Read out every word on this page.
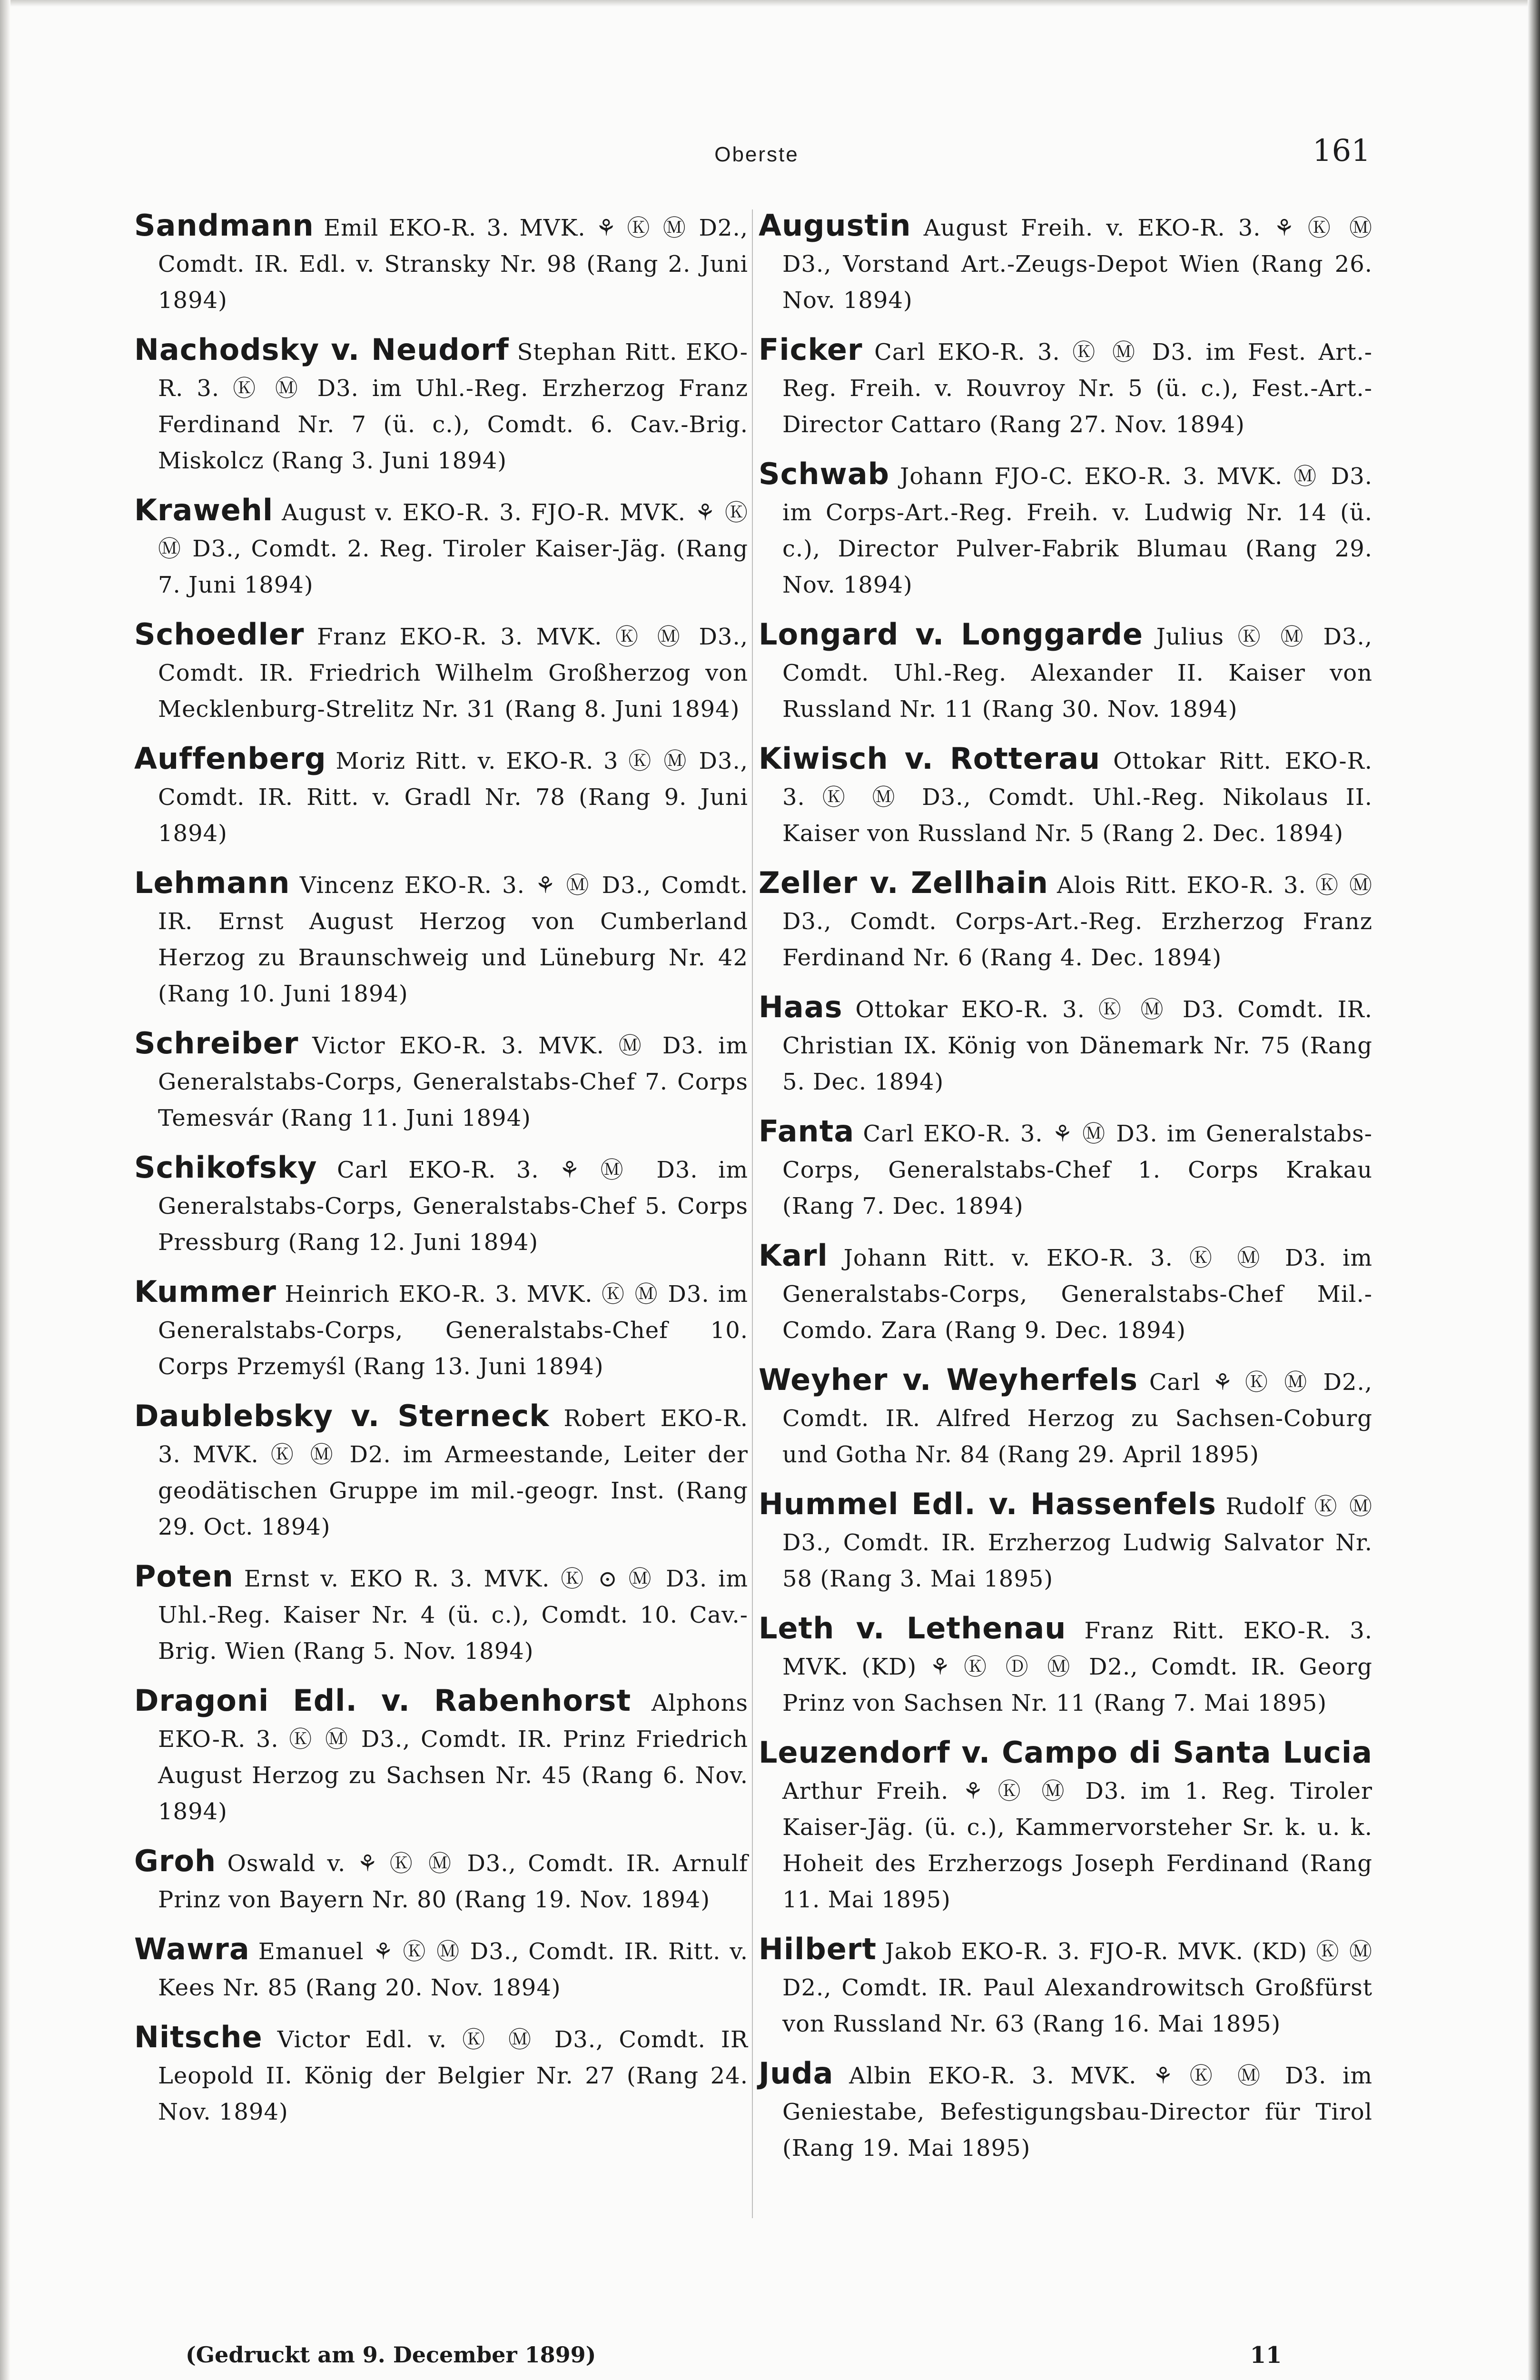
Oberste	161
Sandmann Emil EKO-R. 3. MVK. ⚘ Ⓚ Ⓜ D2., Comdt. IR. Edl. v. Stransky Nr. 98 (Rang 2. Juni 1894)
Nachodsky v. Neudorf Stephan Ritt. EKO-R. 3. Ⓚ Ⓜ D3. im Uhl.-Reg. Erzherzog Franz Ferdinand Nr. 7 (ü. c.), Comdt. 6. Cav.-Brig. Miskolcz (Rang 3. Juni 1894)
Krawehl August v. EKO-R. 3. FJO-R. MVK. ⚘ Ⓚ Ⓜ D3., Comdt. 2. Reg. Tiroler Kaiser-Jäg. (Rang 7. Juni 1894)
Schoedler Franz EKO-R. 3. MVK. Ⓚ Ⓜ D3., Comdt. IR. Friedrich Wilhelm Großherzog von Mecklenburg-Strelitz Nr. 31 (Rang 8. Juni 1894)
Auffenberg Moriz Ritt. v. EKO-R. 3 Ⓚ Ⓜ D3., Comdt. IR. Ritt. v. Gradl Nr. 78 (Rang 9. Juni 1894)
Lehmann Vincenz EKO-R. 3. ⚘ Ⓜ D3., Comdt. IR. Ernst August Herzog von Cumberland Herzog zu Braunschweig und Lüneburg Nr. 42 (Rang 10. Juni 1894)
Schreiber Victor EKO-R. 3. MVK. Ⓜ D3. im Generalstabs-Corps, Generalstabs-Chef 7. Corps Temesvár (Rang 11. Juni 1894)
Schikofsky Carl EKO-R. 3. ⚘ Ⓜ D3. im Generalstabs-Corps, Generalstabs-Chef 5. Corps Pressburg (Rang 12. Juni 1894)
Kummer Heinrich EKO-R. 3. MVK. Ⓚ Ⓜ D3. im Generalstabs-Corps, Generalstabs-Chef 10. Corps Przemyśl (Rang 13. Juni 1894)
Daublebsky v. Sterneck Robert EKO-R. 3. MVK. Ⓚ Ⓜ D2. im Armeestande, Leiter der geodätischen Gruppe im mil.-geogr. Inst. (Rang 29. Oct. 1894)
Poten Ernst v. EKO R. 3. MVK. Ⓚ ⊙ Ⓜ D3. im Uhl.-Reg. Kaiser Nr. 4 (ü. c.), Comdt. 10. Cav.-Brig. Wien (Rang 5. Nov. 1894)
Dragoni Edl. v. Rabenhorst Alphons EKO-R. 3. Ⓚ Ⓜ D3., Comdt. IR. Prinz Friedrich August Herzog zu Sachsen Nr. 45 (Rang 6. Nov. 1894)
Groh Oswald v. ⚘ Ⓚ Ⓜ D3., Comdt. IR. Arnulf Prinz von Bayern Nr. 80 (Rang 19. Nov. 1894)
Wawra Emanuel ⚘ Ⓚ Ⓜ D3., Comdt. IR. Ritt. v. Kees Nr. 85 (Rang 20. Nov. 1894)
Nitsche Victor Edl. v. Ⓚ Ⓜ D3., Comdt. IR Leopold II. König der Belgier Nr. 27 (Rang 24. Nov. 1894)
Augustin August Freih. v. EKO-R. 3. ⚘ Ⓚ Ⓜ D3., Vorstand Art.-Zeugs-Depot Wien (Rang 26. Nov. 1894)
Ficker Carl EKO-R. 3. Ⓚ Ⓜ D3. im Fest. Art.-Reg. Freih. v. Rouvroy Nr. 5 (ü. c.), Fest.-Art.-Director Cattaro (Rang 27. Nov. 1894)
Schwab Johann FJO-C. EKO-R. 3. MVK. Ⓜ D3. im Corps-Art.-Reg. Freih. v. Ludwig Nr. 14 (ü. c.), Director Pulver-Fabrik Blumau (Rang 29. Nov. 1894)
Longard v. Longgarde Julius Ⓚ Ⓜ D3., Comdt. Uhl.-Reg. Alexander II. Kaiser von Russland Nr. 11 (Rang 30. Nov. 1894)
Kiwisch v. Rotterau Ottokar Ritt. EKO-R. 3. Ⓚ Ⓜ D3., Comdt. Uhl.-Reg. Nikolaus II. Kaiser von Russland Nr. 5 (Rang 2. Dec. 1894)
Zeller v. Zellhain Alois Ritt. EKO-R. 3. Ⓚ Ⓜ D3., Comdt. Corps-Art.-Reg. Erzherzog Franz Ferdinand Nr. 6 (Rang 4. Dec. 1894)
Haas Ottokar EKO-R. 3. Ⓚ Ⓜ D3. Comdt. IR. Christian IX. König von Dänemark Nr. 75 (Rang 5. Dec. 1894)
Fanta Carl EKO-R. 3. ⚘ Ⓜ D3. im Generalstabs-Corps, Generalstabs-Chef 1. Corps Krakau (Rang 7. Dec. 1894)
Karl Johann Ritt. v. EKO-R. 3. Ⓚ Ⓜ D3. im Generalstabs-Corps, Generalstabs-Chef Mil.-Comdo. Zara (Rang 9. Dec. 1894)
Weyher v. Weyherfels Carl ⚘ Ⓚ Ⓜ D2., Comdt. IR. Alfred Herzog zu Sachsen-Coburg und Gotha Nr. 84 (Rang 29. April 1895)
Hummel Edl. v. Hassenfels Rudolf Ⓚ Ⓜ D3., Comdt. IR. Erzherzog Ludwig Salvator Nr. 58 (Rang 3. Mai 1895)
Leth v. Lethenau Franz Ritt. EKO-R. 3. MVK. (KD) ⚘ Ⓚ Ⓓ Ⓜ D2., Comdt. IR. Georg Prinz von Sachsen Nr. 11 (Rang 7. Mai 1895)
Leuzendorf v. Campo di Santa Lucia Arthur Freih. ⚘ Ⓚ Ⓜ D3. im 1. Reg. Tiroler Kaiser-Jäg. (ü. c.), Kammervorsteher Sr. k. u. k. Hoheit des Erzherzogs Joseph Ferdinand (Rang 11. Mai 1895)
Hilbert Jakob EKO-R. 3. FJO-R. MVK. (KD) Ⓚ Ⓜ D2., Comdt. IR. Paul Alexandrowitsch Großfürst von Russland Nr. 63 (Rang 16. Mai 1895)
Juda Albin EKO-R. 3. MVK. ⚘ Ⓚ Ⓜ D3. im Geniestabe, Befestigungsbau-Director für Tirol (Rang 19. Mai 1895)
(Gedruckt am 9. December 1899)	11
